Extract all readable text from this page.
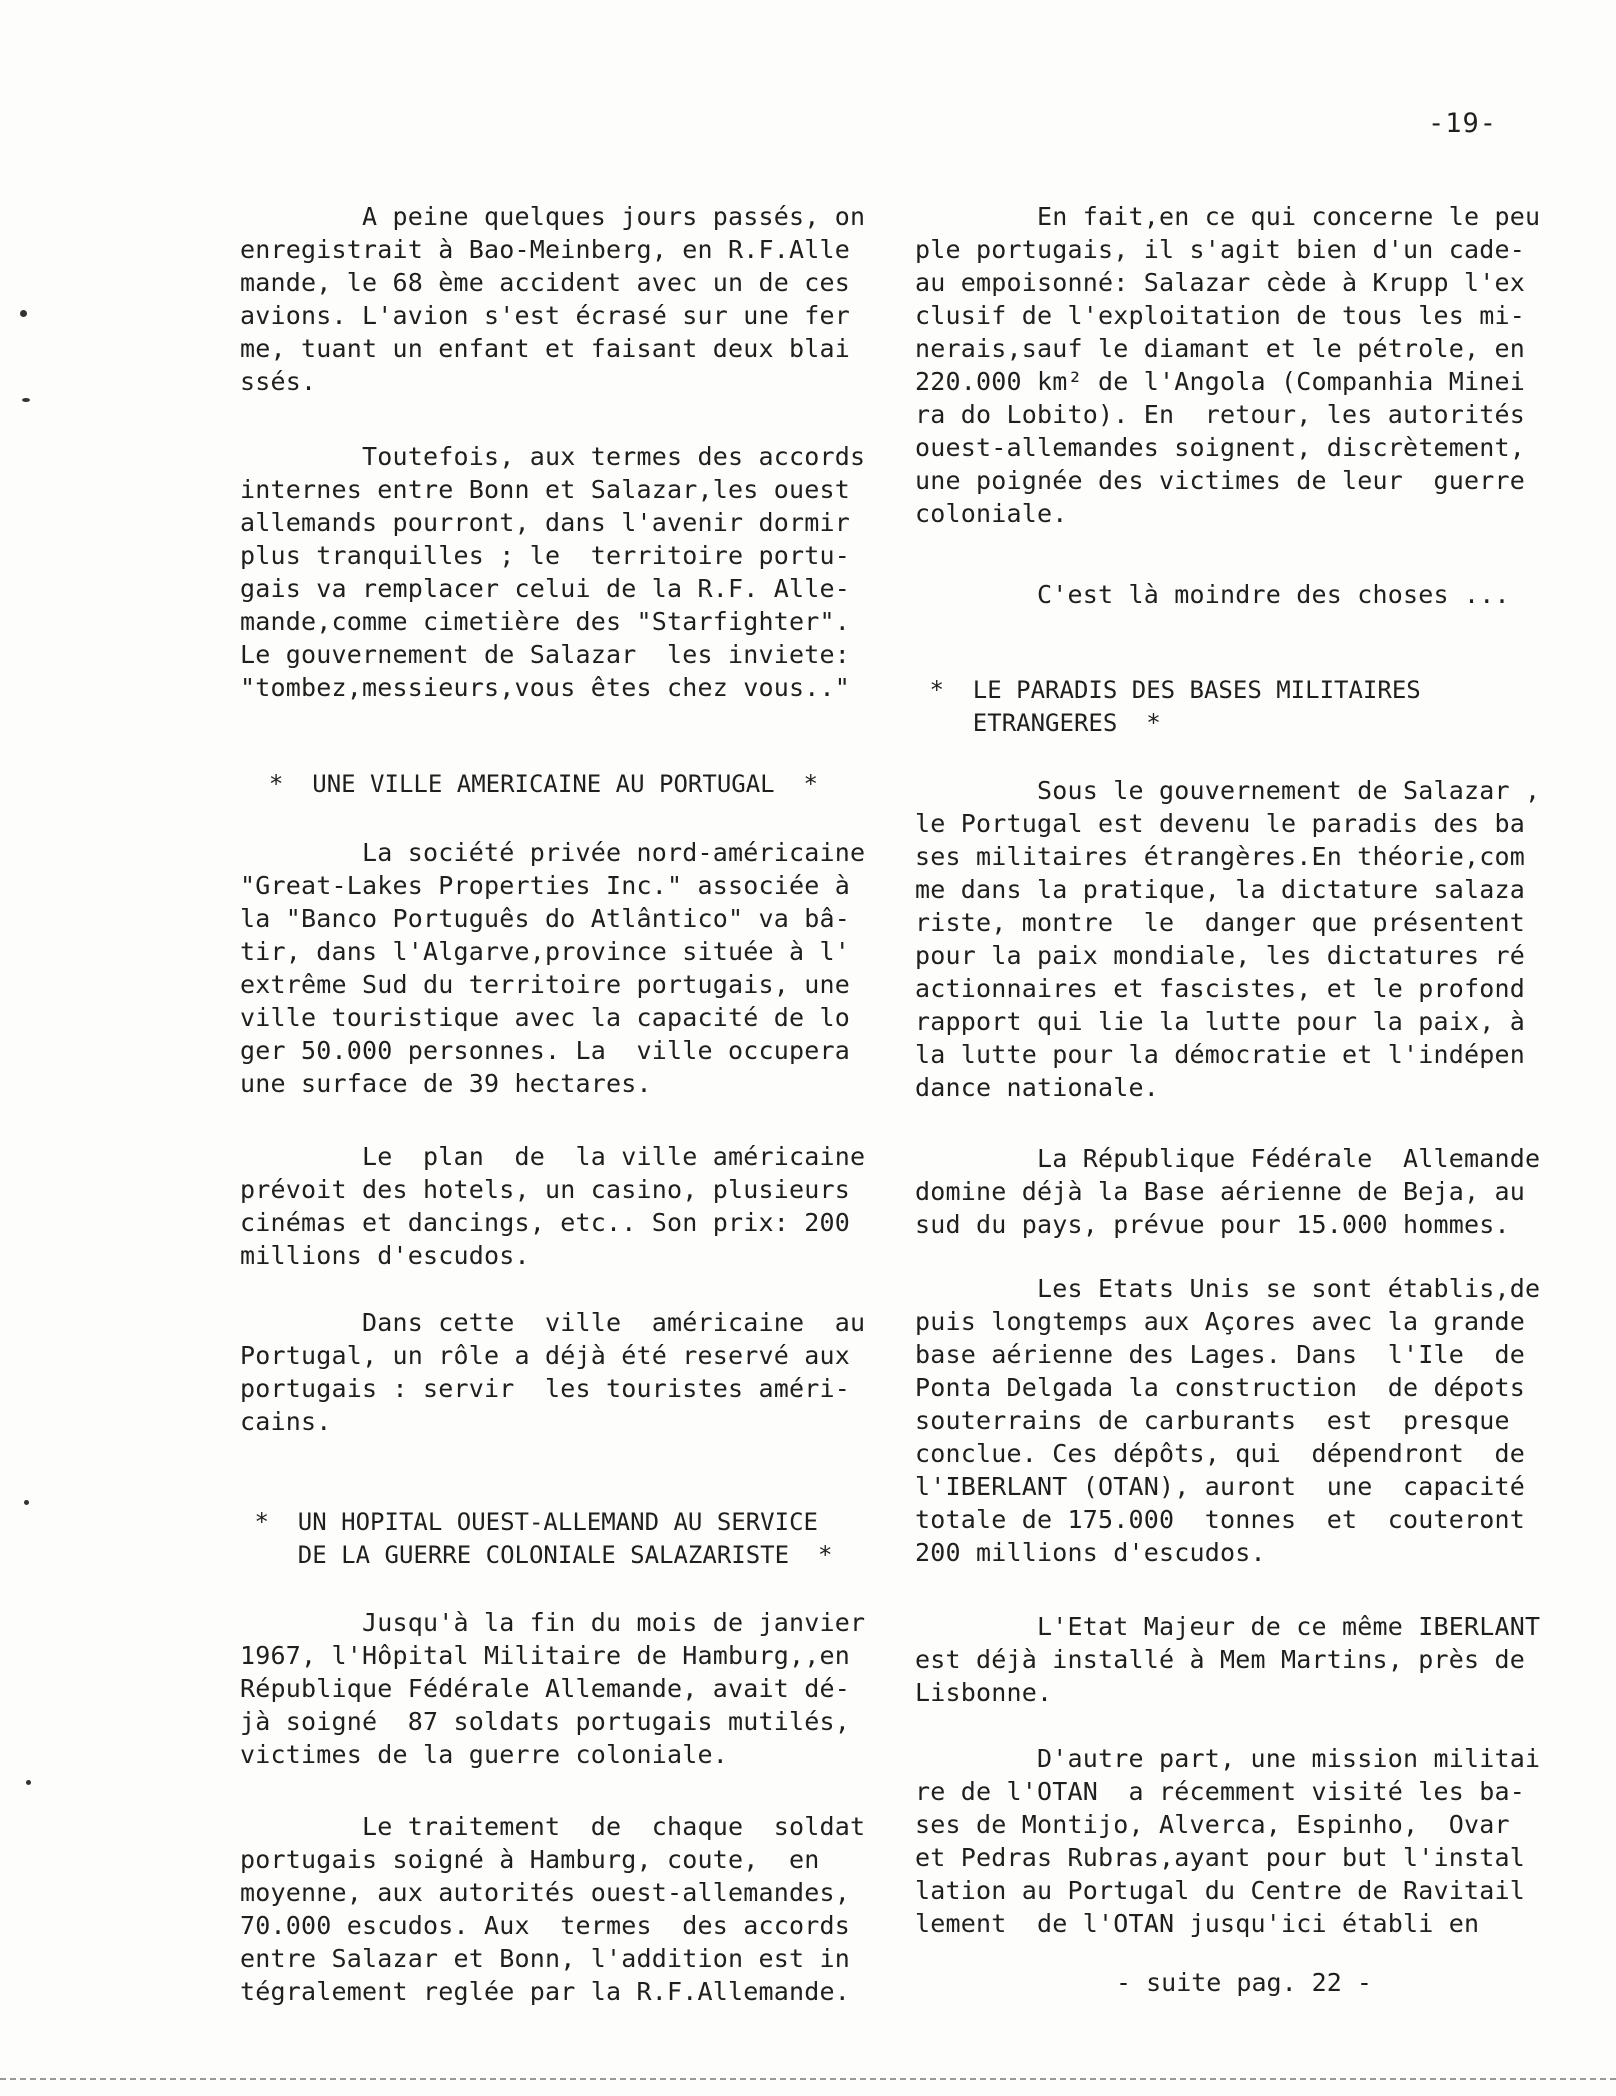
-19-

A peine quelques jours passés, on

enregistrait à Bao-Meinberg, en R.F.Alle

mande, le 68 ème accident avec un de ces

avions. L'avion s'est écrasé sur une fer

me, tuant un enfant et faisant deux blai

ssés.

Toutefois, aux termes des accords

internes entre Bonn et Salazar,les ouest

allemands pourront, dans l'avenir dormir

plus tranquilles ; le  territoire portu-

gais va remplacer celui de la R.F. Alle-

mande,comme cimetière des "Starfighter".

Le gouvernement de Salazar  les inviete:

"tombez,messieurs,vous êtes chez vous.."

*  UNE VILLE AMERICAINE AU PORTUGAL  *

La société privée nord-américaine

"Great-Lakes Properties Inc." associée à

la "Banco Português do Atlântico" va bâ-

tir, dans l'Algarve,province située à l'

extrême Sud du territoire portugais, une

ville touristique avec la capacité de lo

ger 50.000 personnes. La  ville occupera

une surface de 39 hectares.

Le  plan  de  la ville américaine

prévoit des hotels, un casino, plusieurs

cinémas et dancings, etc.. Son prix: 200

millions d'escudos.

Dans cette  ville  américaine  au

Portugal, un rôle a déjà été reservé aux

portugais : servir  les touristes améri-

cains.

*  UN HOPITAL OUEST-ALLEMAND AU SERVICE

DE LA GUERRE COLONIALE SALAZARISTE  *

Jusqu'à la fin du mois de janvier

1967, l'Hôpital Militaire de Hamburg,,en

République Fédérale Allemande, avait dé-

jà soigné  87 soldats portugais mutilés,

victimes de la guerre coloniale.

Le traitement  de  chaque  soldat

portugais soigné à Hamburg, coute,  en

moyenne, aux autorités ouest-allemandes,

70.000 escudos. Aux  termes  des accords

entre Salazar et Bonn, l'addition est in

tégralement reglée par la R.F.Allemande.

En fait,en ce qui concerne le peu

ple portugais, il s'agit bien d'un cade-

au empoisonné: Salazar cède à Krupp l'ex

clusif de l'exploitation de tous les mi-

nerais,sauf le diamant et le pétrole, en

220.000 km² de l'Angola (Companhia Minei

ra do Lobito). En  retour, les autorités

ouest-allemandes soignent, discrètement,

une poignée des victimes de leur  guerre

coloniale.

C'est là moindre des choses ...

*  LE PARADIS DES BASES MILITAIRES

ETRANGERES  *

Sous le gouvernement de Salazar ,

le Portugal est devenu le paradis des ba

ses militaires étrangères.En théorie,com

me dans la pratique, la dictature salaza

riste, montre  le  danger que présentent

pour la paix mondiale, les dictatures ré

actionnaires et fascistes, et le profond

rapport qui lie la lutte pour la paix, à

la lutte pour la démocratie et l'indépen

dance nationale.

La République Fédérale  Allemande

domine déjà la Base aérienne de Beja, au

sud du pays, prévue pour 15.000 hommes.

Les Etats Unis se sont établis,de

puis longtemps aux Açores avec la grande

base aérienne des Lages. Dans  l'Ile  de

Ponta Delgada la construction  de dépots

souterrains de carburants  est  presque

conclue. Ces dépôts, qui  dépendront  de

l'IBERLANT (OTAN), auront  une  capacité

totale de 175.000  tonnes  et  couteront

200 millions d'escudos.

L'Etat Majeur de ce même IBERLANT

est déjà installé à Mem Martins, près de

Lisbonne.

D'autre part, une mission militai

re de l'OTAN  a récemment visité les ba-

ses de Montijo, Alverca, Espinho,  Ovar

et Pedras Rubras,ayant pour but l'instal

lation au Portugal du Centre de Ravitail

lement  de l'OTAN jusqu'ici établi en

- suite pag. 22 -
